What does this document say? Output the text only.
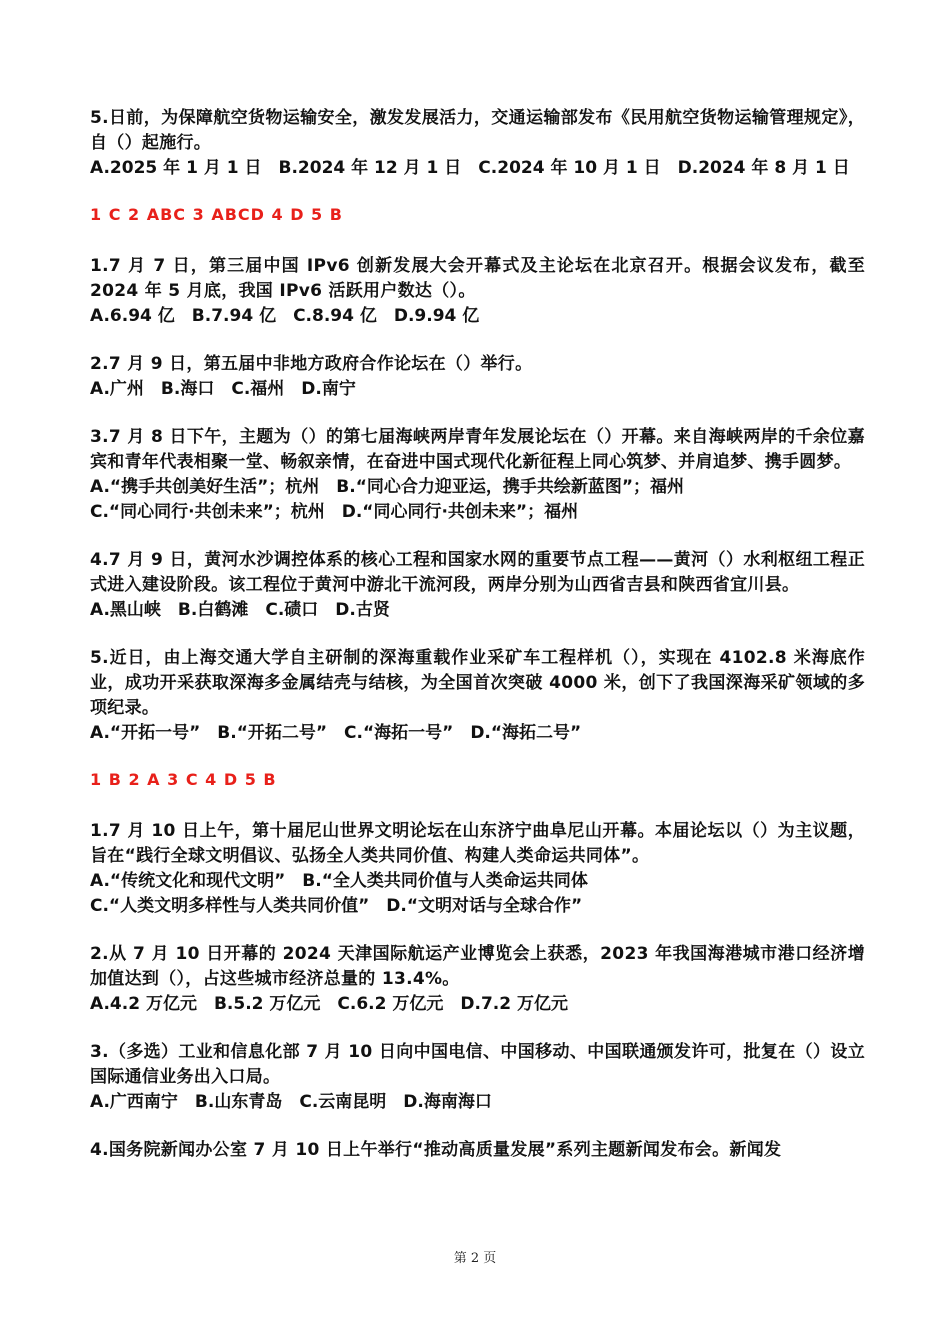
5.日前，为保障航空货物运输安全，激发发展活力，交通运输部发布《民用航空货物运输管理规定》，自（）起施行。
A.2025 年 1 月 1 日　B.2024 年 12 月 1 日　C.2024 年 10 月 1 日　D.2024 年 8 月 1 日
1 C 2 ABC 3 ABCD 4 D 5 B
1.7 月 7 日，第三届中国 IPv6 创新发展大会开幕式及主论坛在北京召开。根据会议发布，截至 2024 年 5 月底，我国 IPv6 活跃用户数达（）。
A.6.94 亿　B.7.94 亿　C.8.94 亿　D.9.94 亿
2.7 月 9 日，第五届中非地方政府合作论坛在（）举行。
A.广州　B.海口　C.福州　D.南宁
3.7 月 8 日下午，主题为（）的第七届海峡两岸青年发展论坛在（）开幕。来自海峡两岸的千余位嘉宾和青年代表相聚一堂、畅叙亲情，在奋进中国式现代化新征程上同心筑梦、并肩追梦、携手圆梦。
A.“携手共创美好生活”；杭州　B.“同心合力迎亚运，携手共绘新蓝图”；福州
C.“同心同行·共创未来”；杭州　D.“同心同行·共创未来”；福州
4.7 月 9 日，黄河水沙调控体系的核心工程和国家水网的重要节点工程——黄河（）水利枢纽工程正式进入建设阶段。该工程位于黄河中游北干流河段，两岸分别为山西省吉县和陕西省宜川县。
A.黑山峡　B.白鹤滩　C.碛口　D.古贤
5.近日，由上海交通大学自主研制的深海重载作业采矿车工程样机（），实现在 4102.8 米海底作业，成功开采获取深海多金属结壳与结核，为全国首次突破 4000 米，创下了我国深海采矿领域的多项纪录。
A.“开拓一号”　B.“开拓二号”　C.“海拓一号”　D.“海拓二号”
1 B 2 A 3 C 4 D 5 B
1.7 月 10 日上午，第十届尼山世界文明论坛在山东济宁曲阜尼山开幕。本届论坛以（）为主议题，旨在“践行全球文明倡议、弘扬全人类共同价值、构建人类命运共同体”。
A.“传统文化和现代文明”　B.“全人类共同价值与人类命运共同体
C.“人类文明多样性与人类共同价值”　D.“文明对话与全球合作”
2.从 7 月 10 日开幕的 2024 天津国际航运产业博览会上获悉，2023 年我国海港城市港口经济增加值达到（），占这些城市经济总量的 13.4%。
A.4.2 万亿元　B.5.2 万亿元　C.6.2 万亿元　D.7.2 万亿元
3.（多选）工业和信息化部 7 月 10 日向中国电信、中国移动、中国联通颁发许可，批复在（）设立国际通信业务出入口局。
A.广西南宁　B.山东青岛　C.云南昆明　D.海南海口
4.国务院新闻办公室 7 月 10 日上午举行“推动高质量发展”系列主题新闻发布会。新闻发
第 2 页
